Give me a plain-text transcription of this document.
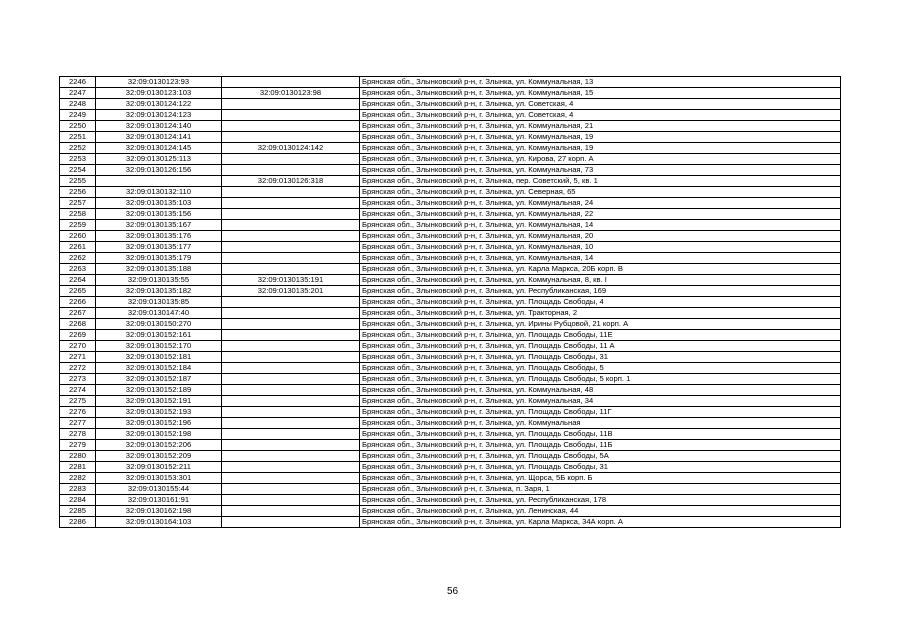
2246	32:09:0130123:93		Брянская обл., Злынковский р-н, г. Злынка, ул. Коммунальная, 13
2247	32:09:0130123:103	32:09:0130123:98	Брянская обл., Злынковский р-н, г. Злынка, ул. Коммунальная, 15
2248	32:09:0130124:122		Брянская обл., Злынковский р-н, г. Злынка, ул. Советская, 4
2249	32:09:0130124:123		Брянская обл., Злынковский р-н, г. Злынка, ул. Советская, 4
2250	32:09:0130124:140		Брянская обл., Злынковский р-н, г. Злынка, ул. Коммунальная, 21
2251	32:09:0130124:141		Брянская обл., Злынковский р-н, г. Злынка, ул. Коммунальная, 19
2252	32:09:0130124:145	32:09:0130124:142	Брянская обл., Злынковский р-н, г. Злынка, ул. Коммунальная, 19
2253	32:09:0130125:113		Брянская обл., Злынковский р-н, г. Злынка, ул. Кирова, 27 корп. А
2254	32:09:0130126:156		Брянская обл., Злынковский р-н, г. Злынка, ул. Коммунальная, 73
2255		32:09:0130126:318	Брянская обл., Злынковский р-н, г. Злынка, пер. Советский, 5, кв. 1
2256	32:09:0130132:110		Брянская обл., Злынковский р-н, г. Злынка, ул. Северная, 65
2257	32:09:0130135:103		Брянская обл., Злынковский р-н, г. Злынка, ул. Коммунальная, 24
2258	32:09:0130135:156		Брянская обл., Злынковский р-н, г. Злынка, ул. Коммунальная, 22
2259	32:09:0130135:167		Брянская обл., Злынковский р-н, г. Злынка, ул. Коммунальная, 14
2260	32:09:0130135:176		Брянская обл., Злынковский р-н, г. Злынка, ул. Коммунальная, 20
2261	32:09:0130135:177		Брянская обл., Злынковский р-н, г. Злынка, ул. Коммунальная, 10
2262	32:09:0130135:179		Брянская обл., Злынковский р-н, г. Злынка, ул. Коммунальная, 14
2263	32:09:0130135:188		Брянская обл., Злынковский р-н, г. Злынка, ул. Карла Маркса, 20Б корп. В
2264	32:09:0130135:55	32:09:0130135:191	Брянская обл., Злынковский р-н, г. Злынка, ул. Коммунальная, 8, кв. I
2265	32:09:0130135:182	32:09:0130135:201	Брянская обл., Злынковский р-н, г. Злынка, ул. Республиканская, 169
2266	32:09:0130135:85		Брянская обл., Злынковский р-н, г. Злынка, ул. Площадь Свободы, 4
2267	32:09:0130147:40		Брянская обл., Злынковский р-н, г. Злынка, ул. Тракторная, 2
2268	32:09:0130150:270		Брянская обл., Злынковский р-н, г. Злынка, ул. Ирины Рубцовой, 21 корп. А
2269	32:09:0130152:161		Брянская обл., Злынковский р-н, г. Злынка, ул. Площадь Свободы, 11Е
2270	32:09:0130152:170		Брянская обл., Злынковский р-н, г. Злынка, ул. Площадь Свободы, 11 А
2271	32:09:0130152:181		Брянская обл., Злынковский р-н, г. Злынка, ул. Площадь Свободы, 31
2272	32:09:0130152:184		Брянская обл., Злынковский р-н, г. Злынка, ул. Площадь Свободы, 5
2273	32:09:0130152:187		Брянская обл., Злынковский р-н, г. Злынка, ул. Площадь Свободы, 5 корп. 1
2274	32:09:0130152:189		Брянская обл., Злынковский р-н, г. Злынка, ул. Коммунальная, 48
2275	32:09:0130152:191		Брянская обл., Злынковский р-н, г. Злынка, ул. Коммунальная, 34
2276	32:09:0130152:193		Брянская обл., Злынковский р-н, г. Злынка, ул. Площадь Свободы, 11Г
2277	32:09:0130152:196		Брянская обл., Злынковский р-н, г. Злынка, ул. Коммунальная
2278	32:09:0130152:198		Брянская обл., Злынковский р-н, г. Злынка, ул. Площадь Свободы, 11В
2279	32:09:0130152:206		Брянская обл., Злынковский р-н, г. Злынка, ул. Площадь Свободы, 11Б
2280	32:09:0130152:209		Брянская обл., Злынковский р-н, г. Злынка, ул. Площадь Свободы, 5А
2281	32:09:0130152:211		Брянская обл., Злынковский р-н, г. Злынка, ул. Площадь Свободы, 31
2282	32:09:0130153:301		Брянская обл., Злынковский р-н, г. Злынка, ул. Щорса, 5Б корп. Б
2283	32:09:0130155:44		Брянская обл., Злынковский р-н, г. Злынка, п. Заря, 1
2284	32:09:0130161:91		Брянская обл., Злынковский р-н, г. Злынка, ул. Республиканская, 178
2285	32:09:0130162:198		Брянская обл., Злынковский р-н, г. Злынка, ул. Ленинская, 44
2286	32:09:0130164:103		Брянская обл., Злынковский р-н, г. Злынка, ул. Карла Маркса, 34А корп. А
56
